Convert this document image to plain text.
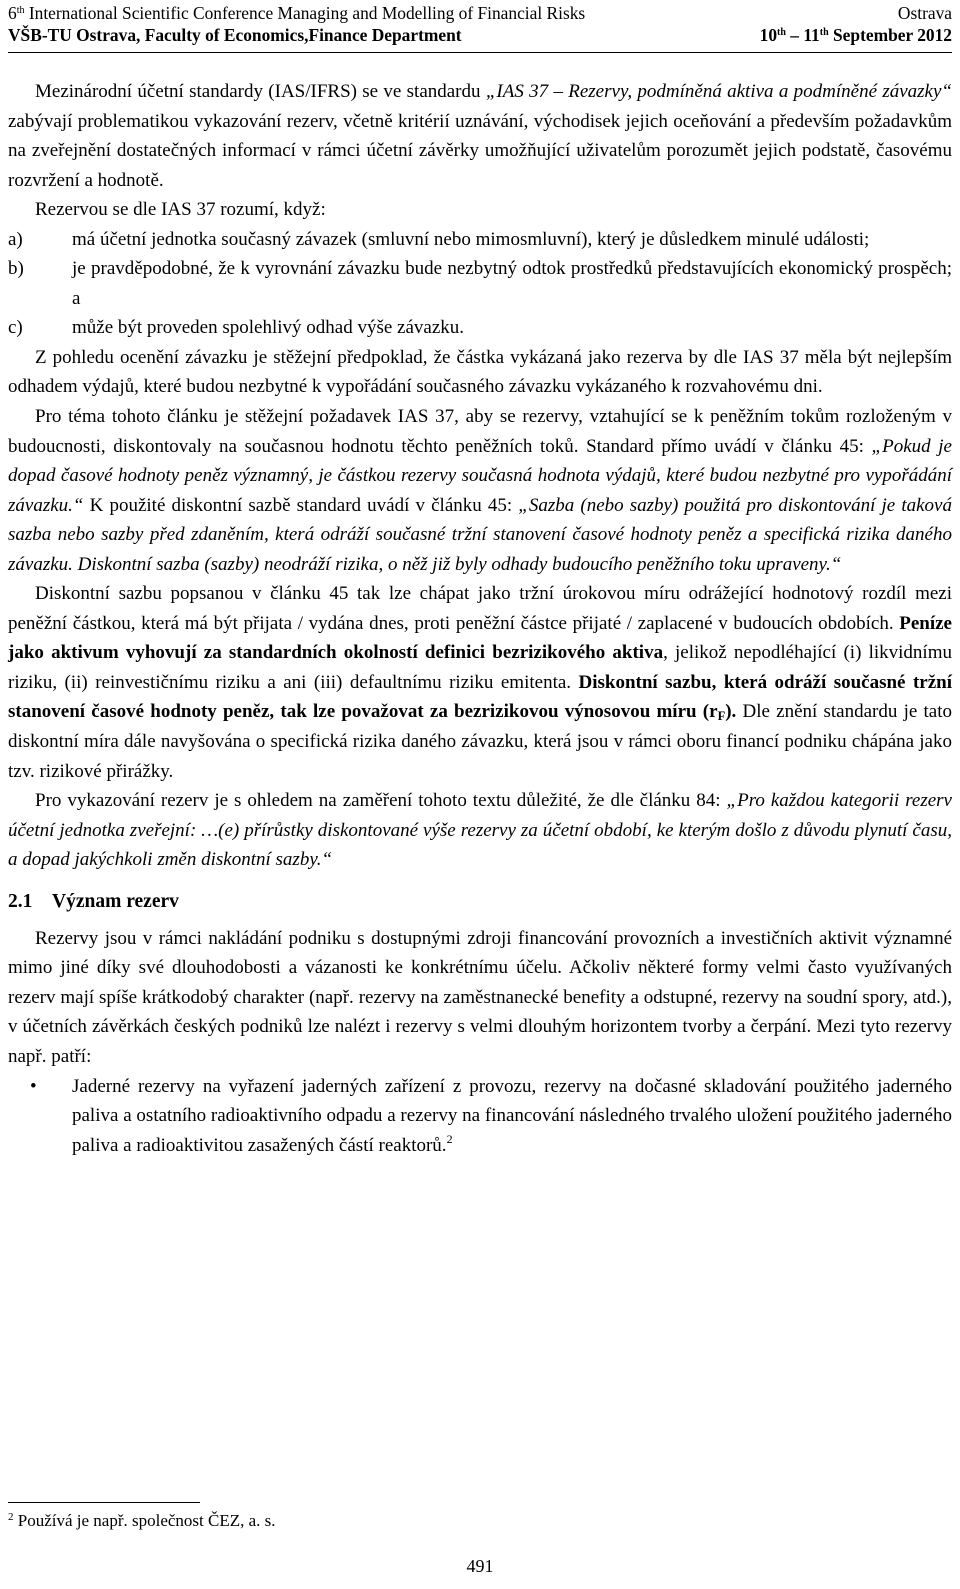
6th International Scientific Conference Managing and Modelling of Financial Risks	Ostrava
VŠB-TU Ostrava, Faculty of Economics,Finance Department	10th – 11th September 2012

Mezinárodní účetní standardy (IAS/IFRS) se ve standardu „IAS 37 – Rezervy, podmíněná aktiva a podmíněné závazky“ zabývají problematikou vykazování rezerv, včetně kritérií uznávání, východisek jejich oceňování a především požadavkům na zveřejnění dostatečných informací v rámci účetní závěrky umožňující uživatelům porozumět jejich podstatě, časovému rozvržení a hodnotě.

Rezervou se dle IAS 37 rozumí, když:

a)	má účetní jednotka současný závazek (smluvní nebo mimosmluvní), který je důsledkem minulé události;
b)	je pravděpodobné, že k vyrovnání závazku bude nezbytný odtok prostředků představujících ekonomický prospěch; a
c)	může být proveden spolehlivý odhad výše závazku.

Z pohledu ocenění závazku je stěžejní předpoklad, že částka vykázaná jako rezerva by dle IAS 37 měla být nejlepším odhadem výdajů, které budou nezbytné k vypořádání současného závazku vykázaného k rozvahovému dni.

Pro téma tohoto článku je stěžejní požadavek IAS 37, aby se rezervy, vztahující se k peněžním tokům rozloženým v budoucnosti, diskontovaly na současnou hodnotu těchto peněžních toků. Standard přímo uvádí v článku 45: „Pokud je dopad časové hodnoty peněz významný, je částkou rezervy současná hodnota výdajů, které budou nezbytné pro vypořádání závazku.“ K použité diskontní sazbě standard uvádí v článku 45: „Sazba (nebo sazby) použitá pro diskontování je taková sazba nebo sazby před zdaněním, která odráží současné tržní stanovení časové hodnoty peněz a specifická rizika daného závazku. Diskontní sazba (sazby) neodráží rizika, o něž již byly odhady budoucího peněžního toku upraveny.“

Diskontní sazbu popsanou v článku 45 tak lze chápat jako tržní úrokovou míru odrážející hodnotový rozdíl mezi peněžní částkou, která má být přijata / vydána dnes, proti peněžní částce přijaté / zaplacené v budoucích obdobích. Peníze jako aktivum vyhovují za standardních okolností definici bezrizikového aktiva, jelikož nepodléhající (i) likvidnímu riziku, (ii) reinvestičnímu riziku a ani (iii) defaultnímu riziku emitenta. Diskontní sazbu, která odráží současné tržní stanovení časové hodnoty peněz, tak lze považovat za bezrizikovou výnosovou míru $(r_F)$. Dle znění standardu je tato diskontní míra dále navyšována o specifická rizika daného závazku, která jsou v rámci oboru financí podniku chápána jako tzv. rizikové přirážky.

Pro vykazování rezerv je s ohledem na zaměření tohoto textu důležité, že dle článku 84: „Pro každou kategorii rezerv účetní jednotka zveřejní: …(e) přírůstky diskontované výše rezervy za účetní období, ke kterým došlo z důvodu plynutí času, a dopad jakýchkoli změn diskontní sazby.“

2.1 Význam rezerv

Rezervy jsou v rámci nakládání podniku s dostupnými zdroji financování provozních a investičních aktivit významné mimo jiné díky své dlouhodobosti a vázanosti ke konkrétnímu účelu. Ačkoliv některé formy velmi často využívaných rezerv mají spíše krátkodobý charakter (např. rezervy na zaměstnanecké benefity a odstupné, rezervy na soudní spory, atd.), v účetních závěrkách českých podniků lze nalézt i rezervy s velmi dlouhým horizontem tvorby a čerpání. Mezi tyto rezervy např. patří:

• Jaderné rezervy na vyřazení jaderných zařízení z provozu, rezervy na dočasné skladování použitého jaderného paliva a ostatního radioaktivního odpadu a rezervy na financování následného trvalého uložení použitého jaderného paliva a radioaktivitou zasažených částí reaktorů.$^2$
$^2$ Používá je např. společnost ČEZ, a. s.
491
